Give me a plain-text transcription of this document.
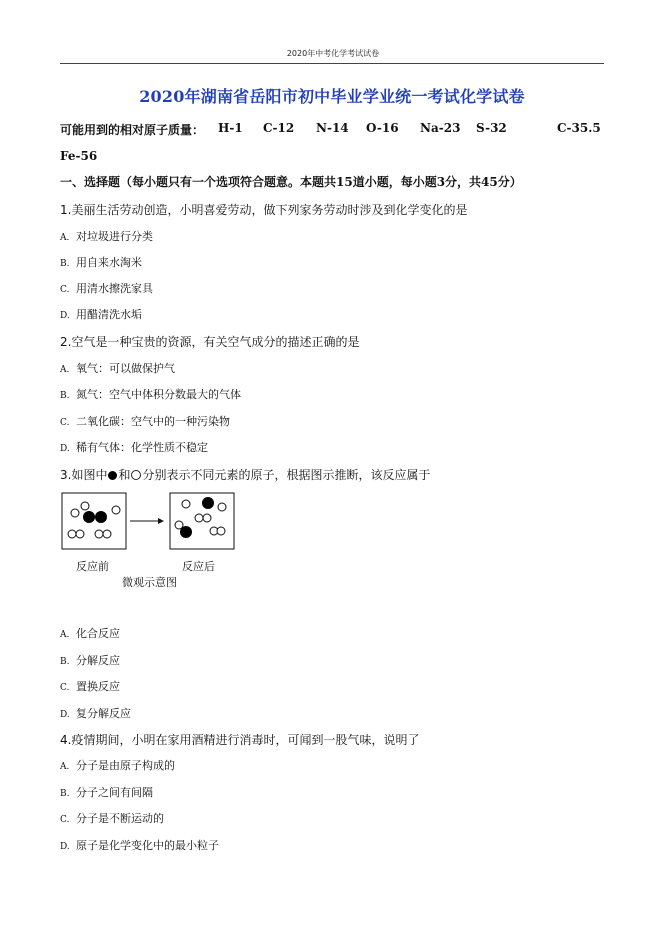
2020年中考化学考试试卷
2020年湖南省岳阳市初中毕业学业统一考试化学试卷
可能用到的相对原子质量： H-1 C-12 N-14 O-16 Na-23 S-32	C-35.5
Fe-56
一、选择题（每小题只有一个选项符合题意。本题共15道小题，每小题3分，共45分）
1.美丽生活劳动创造，小明喜爱劳动，做下列家务劳动时涉及到化学变化的是
A. 对垃圾进行分类
B. 用自来水淘米
C. 用清水擦洗家具
D. 用醋清洗水垢
2.空气是一种宝贵的资源，有关空气成分的描述正确的是
A. 氧气：可以做保护气
B. 氮气：空气中体积分数最大的气体
C. 二氧化碳：空气中的一种污染物
D. 稀有气体：化学性质不稳定
3.如图中 和 分别表示不同元素的原子，根据图示推断，该反应属于
反应前	反应后
微观示意图
A. 化合反应
B. 分解反应
C. 置换反应
D. 复分解反应
4.疫情期间，小明在家用酒精进行消毒时，可闻到一股气味，说明了
A. 分子是由原子构成的
B. 分子之间有间隔
C. 分子是不断运动的
D. 原子是化学变化中的最小粒子
